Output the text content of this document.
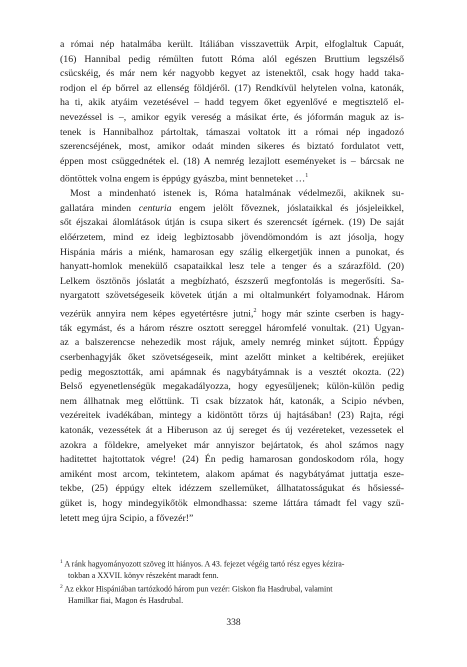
a római nép hatalmába került. Itáliában visszavettük Arpit, elfoglaltuk Capuát,
(16) Hannibal pedig rémülten futott Róma alól egészen Bruttium legszélső
csücskéig, és már nem kér nagyobb kegyet az istenektől, csak hogy hadd taka-
rodjon el ép bőrrel az ellenség földjéről. (17) Rendkívül helytelen volna, katonák,
ha ti, akik atyáim vezetésével – hadd tegyem őket egyenlővé e megtisztelő el-
nevezéssel is –, amikor egyik vereség a másikat érte, és jóformán maguk az is-
tenek is Hannibalhoz pártoltak, támaszai voltatok itt a római nép ingadozó
szerencséjének, most, amikor odaát minden sikeres és biztató fordulatot vett,
éppen most csüggednétek el. (18) A nemrég lezajlott eseményeket is – bárcsak ne
döntöttek volna engem is éppúgy gyászba, mint benneteket …$^1$
Most a mindenható istenek is, Róma hatalmának védelmezői, akiknek su-
gallatára minden centuria engem jelölt főveznek, jóslataikkal és jósjeleikkel,
sőt éjszakai álomlátások útján is csupa sikert és szerencsét ígérnek. (19) De saját
előérzetem, mind ez ideig legbiztosabb jövendömondóm is azt jósolja, hogy
Hispánia máris a miénk, hamarosan egy szálig elkergetjük innen a punokat, és
hanyatt-homlok menekülő csapataikkal lesz tele a tenger és a szárazföld. (20)
Lelkem ösztönös jóslatát a megbízható, észszerű megfontolás is megerősíti. Sa-
nyargatott szövetségeseik követek útján a mi oltalmunkért folyamodnak. Három
vezérük annyira nem képes egyetértésre jutni,$^2$ hogy már szinte cserben is hagy-
ták egymást, és a három részre osztott sereggel háromfelé vonultak. (21) Ugyan-
az a balszerencse nehezedik most rájuk, amely nemrég minket sújtott. Éppúgy
cserbenhagyják őket szövetségeseik, mint azelőtt minket a keltibérek, erejüket
pedig megosztották, ami apámnak és nagybátyámnak is a vesztét okozta. (22)
Belső egyenetlenségük megakadályozza, hogy egyesüljenek; külön-külön pedig
nem állhatnak meg előttünk. Ti csak bízzatok hát, katonák, a Scipio névben,
vezéreitek ivadékában, mintegy a kidöntött törzs új hajtásában! (23) Rajta, régi
katonák, vezessétek át a Hiberuson az új sereget és új vezéreteket, vezessetek el
azokra a földekre, amelyeket már annyiszor bejártatok, és ahol számos nagy
haditettet hajtottatok végre! (24) Én pedig hamarosan gondoskodom róla, hogy
amiként most arcom, tekintetem, alakom apámat és nagybátyámat juttatja esze-
tekbe, (25) éppúgy eltek idézzem szellemüket, állhatatosságukat és hősiessé-
güket is, hogy mindegyikőtök elmondhassa: szeme láttára támadt fel vagy szü-
letett meg újra Scipio, a fővezér!”
$^1$ A ránk hagyományozott szöveg itt hiányos. A 43. fejezet végéig tartó rész egyes kézira-
tokban a XXVII. könyv részeként maradt fenn.
$^2$ Az ekkor Hispániában tartózkodó három pun vezér: Giskon fia Hasdrubal, valamint
Hamilkar fiai, Magon és Hasdrubal.
338
